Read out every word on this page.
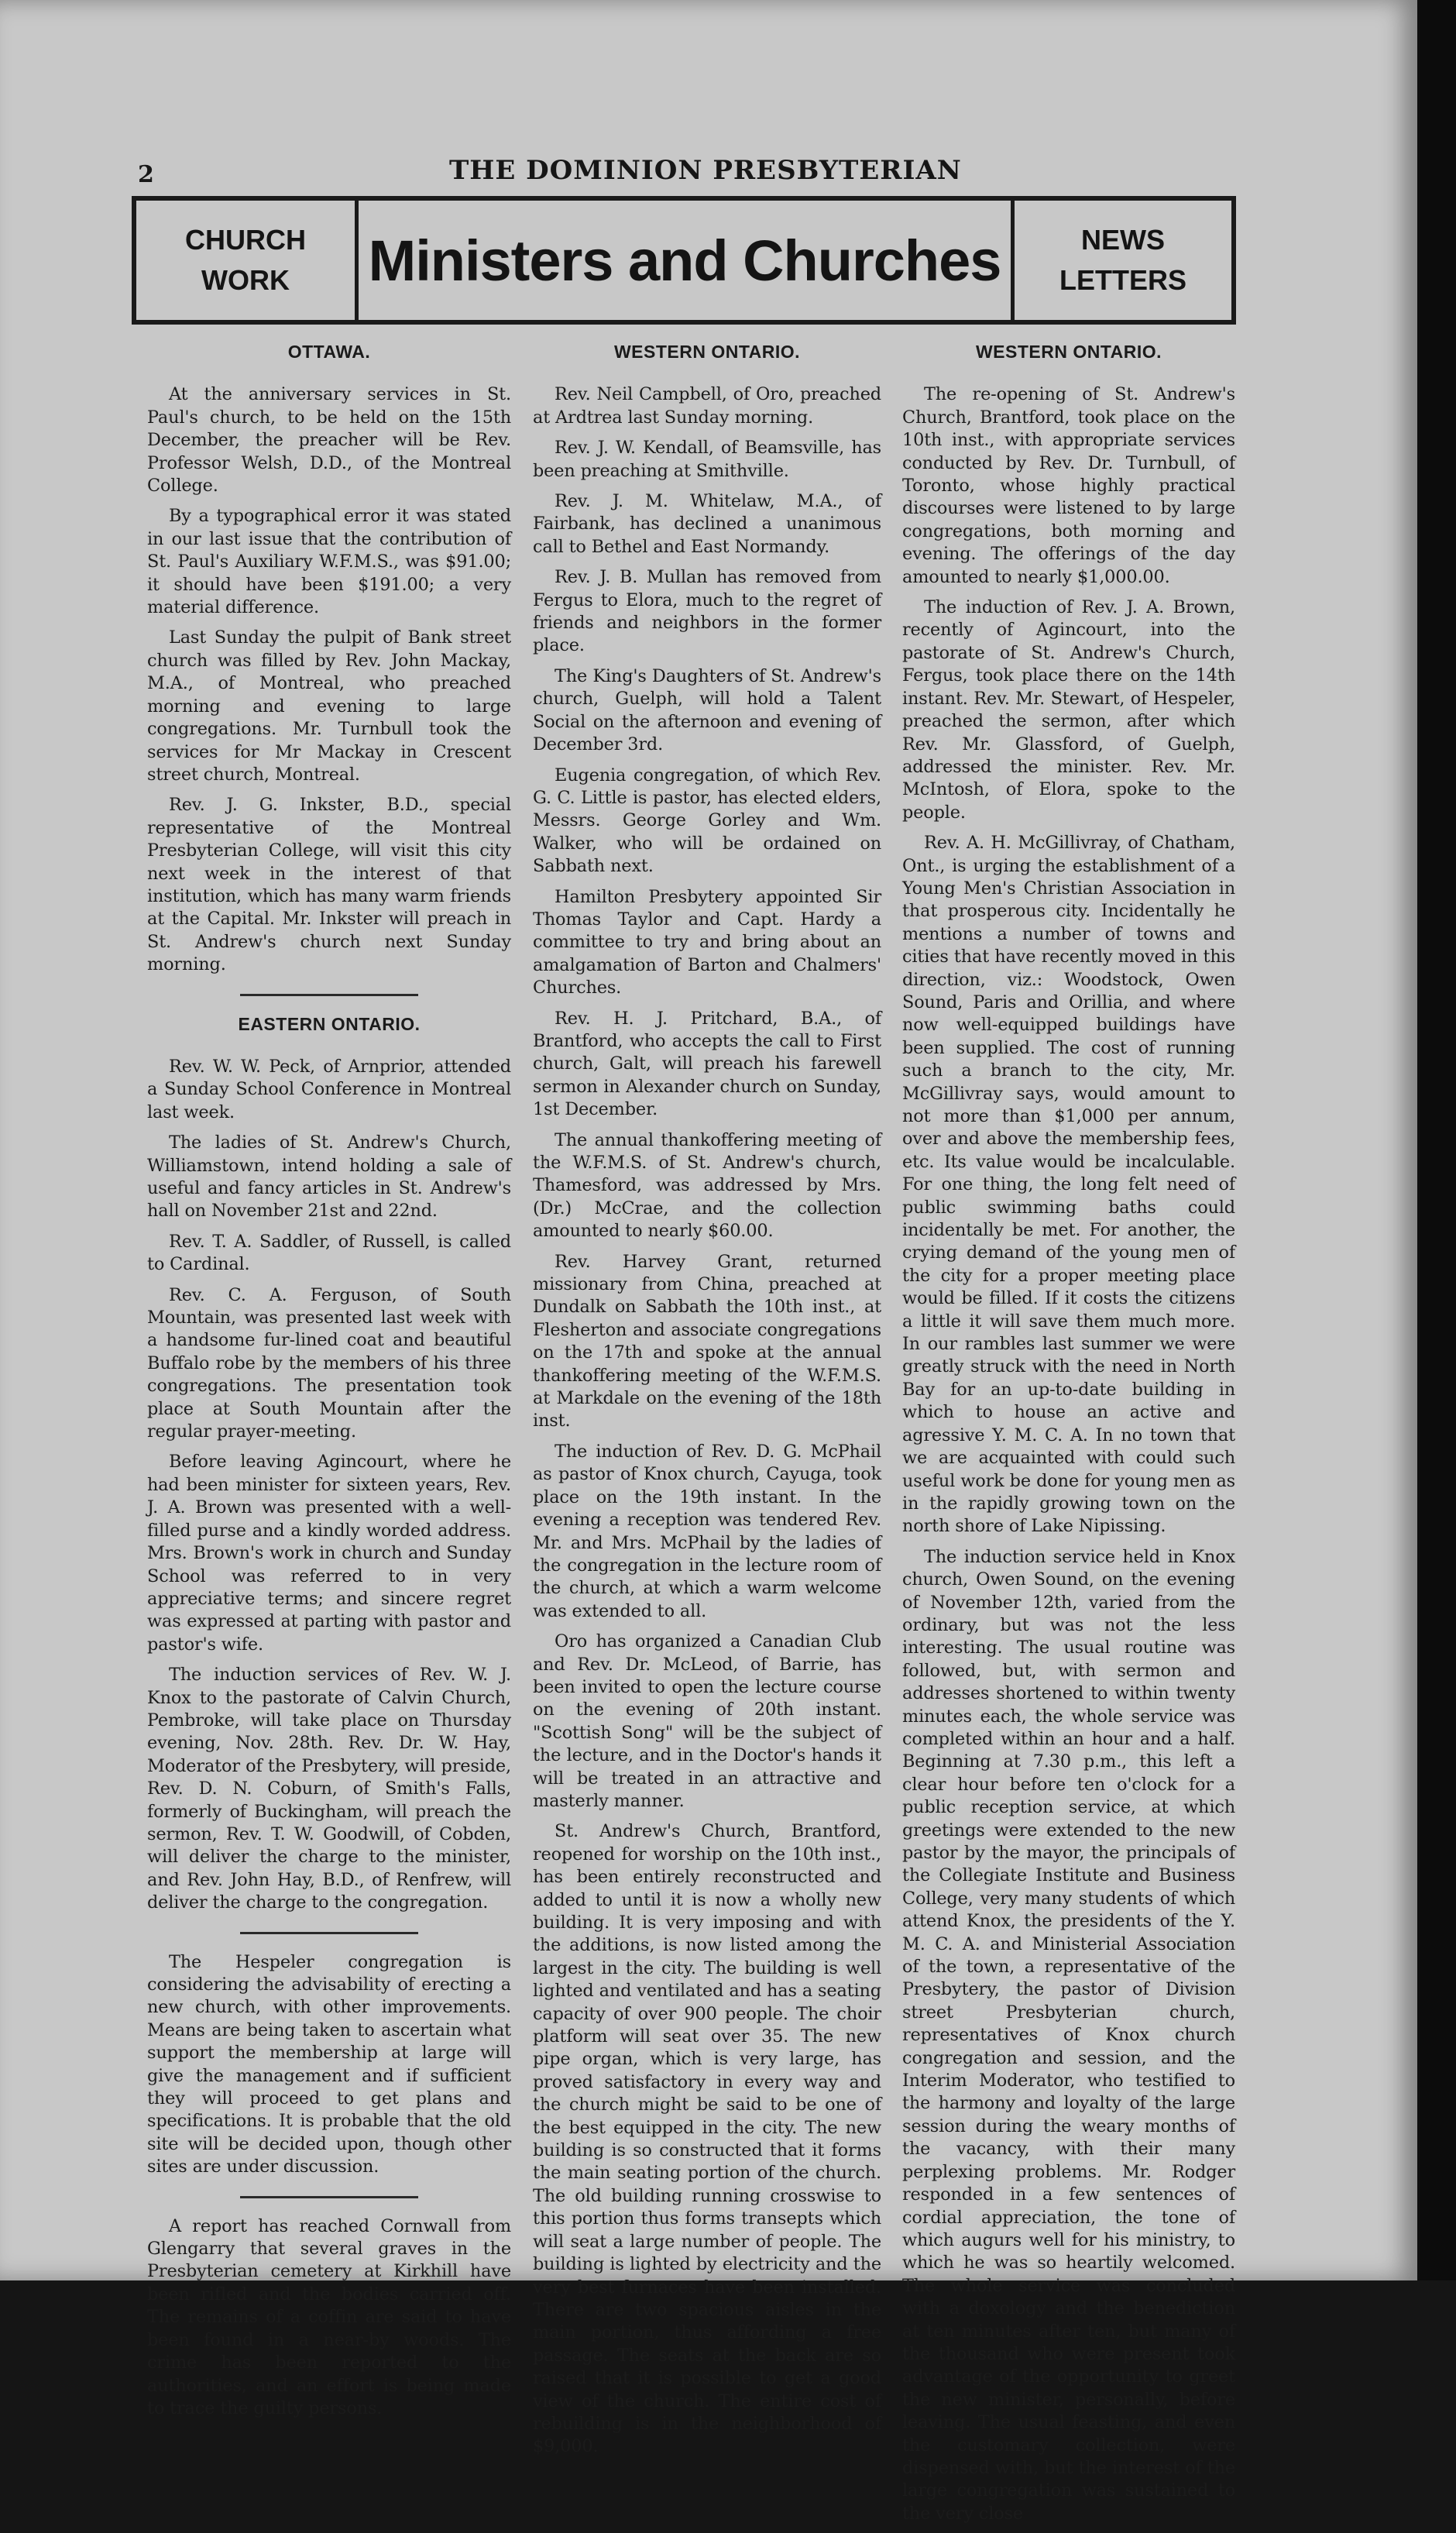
2	THE DOMINION PRESBYTERIAN
CHURCH
WORK Ministers and Churches	NEWS
LETTERS
OTTAWA.

At the anniversary services in St. Paul's church, to be held on the 15th December, the preacher will be Rev. Professor Welsh, D.D., of the Montreal College.

By a typographical error it was stated in our last issue that the contribution of St. Paul's Auxiliary W.F.M.S., was $91.00; it should have been $191.00; a very material difference.

Last Sunday the pulpit of Bank street church was filled by Rev. John Mackay, M.A., of Montreal, who preached morning and evening to large congregations. Mr. Turnbull took the services for Mr Mackay in Crescent street church, Montreal.

Rev. J. G. Inkster, B.D., special representative of the Montreal Presbyterian College, will visit this city next week in the interest of that institution, which has many warm friends at the Capital. Mr. Inkster will preach in St. Andrew's church next Sunday morning.

EASTERN ONTARIO.

Rev. W. W. Peck, of Arnprior, attended a Sunday School Conference in Montreal last week.

The ladies of St. Andrew's Church, Williamstown, intend holding a sale of useful and fancy articles in St. Andrew's hall on November 21st and 22nd.

Rev. T. A. Saddler, of Russell, is called to Cardinal.

Rev. C. A. Ferguson, of South Mountain, was presented last week with a handsome fur-lined coat and beautiful Buffalo robe by the members of his three congregations. The presentation took place at South Mountain after the regular prayer-meeting.

Before leaving Agincourt, where he had been minister for sixteen years, Rev. J. A. Brown was presented with a well-filled purse and a kindly worded address. Mrs. Brown's work in church and Sunday School was referred to in very appreciative terms; and sincere regret was expressed at parting with pastor and pastor's wife.

The induction services of Rev. W. J. Knox to the pastorate of Calvin Church, Pembroke, will take place on Thursday evening, Nov. 28th. Rev. Dr. W. Hay, Moderator of the Presbytery, will preside, Rev. D. N. Coburn, of Smith's Falls, formerly of Buckingham, will preach the sermon, Rev. T. W. Goodwill, of Cobden, will deliver the charge to the minister, and Rev. John Hay, B.D., of Renfrew, will deliver the charge to the congregation.

The Hespeler congregation is considering the advisability of erecting a new church, with other improvements. Means are being taken to ascertain what support the membership at large will give the management and if sufficient they will proceed to get plans and specifications. It is probable that the old site will be decided upon, though other sites are under discussion.

A report has reached Cornwall from Glengarry that several graves in the Presbyterian cemetery at Kirkhill have been rifled and the bodies carried off. The remains of a coffin are said to have been found in a near-by woods. The crime has been reported to the authorities, and an effort is being made to trace the guilty persons.

WESTERN ONTARIO.

Rev. Neil Campbell, of Oro, preached at Ardtrea last Sunday morning.

Rev. J. W. Kendall, of Beamsville, has been preaching at Smithville.

Rev. J. M. Whitelaw, M.A., of Fairbank, has declined a unanimous call to Bethel and East Normandy.

Rev. J. B. Mullan has removed from Fergus to Elora, much to the regret of friends and neighbors in the former place.

The King's Daughters of St. Andrew's church, Guelph, will hold a Talent Social on the afternoon and evening of December 3rd.

Eugenia congregation, of which Rev. G. C. Little is pastor, has elected elders, Messrs. George Gorley and Wm. Walker, who will be ordained on Sabbath next.

Hamilton Presbytery appointed Sir Thomas Taylor and Capt. Hardy a committee to try and bring about an amalgamation of Barton and Chalmers' Churches.

Rev. H. J. Pritchard, B.A., of Brantford, who accepts the call to First church, Galt, will preach his farewell sermon in Alexander church on Sunday, 1st December.

The annual thankoffering meeting of the W.F.M.S. of St. Andrew's church, Thamesford, was addressed by Mrs. (Dr.) McCrae, and the collection amounted to nearly $60.00.

Rev. Harvey Grant, returned missionary from China, preached at Dundalk on Sabbath the 10th inst., at Flesherton and associate congregations on the 17th and spoke at the annual thankoffering meeting of the W.F.M.S. at Markdale on the evening of the 18th inst.

The induction of Rev. D. G. McPhail as pastor of Knox church, Cayuga, took place on the 19th instant. In the evening a reception was tendered Rev. Mr. and Mrs. McPhail by the ladies of the congregation in the lecture room of the church, at which a warm welcome was extended to all.

Oro has organized a Canadian Club and Rev. Dr. McLeod, of Barrie, has been invited to open the lecture course on the evening of 20th instant. "Scottish Song" will be the subject of the lecture, and in the Doctor's hands it will be treated in an attractive and masterly manner.

St. Andrew's Church, Brantford, reopened for worship on the 10th inst., has been entirely reconstructed and added to until it is now a wholly new building. It is very imposing and with the additions, is now listed among the largest in the city. The building is well lighted and ventilated and has a seating capacity of over 900 people. The choir platform will seat over 35. The new pipe organ, which is very large, has proved satisfactory in every way and the church might be said to be one of the best equipped in the city. The new building is so constructed that it forms the main seating portion of the church. The old building running crosswise to this portion thus forms transepts which will seat a large number of people. The building is lighted by electricity and the very best furnaces have been installed. There are two spacious aisles in the main portion, thus affording a free passage. The seats at the back are so raised that it is possible to get a good view of the church. The entire cost of rebuilding is in the neighborhood of $9,000.

WESTERN ONTARIO.

The re-opening of St. Andrew's Church, Brantford, took place on the 10th inst., with appropriate services conducted by Rev. Dr. Turnbull, of Toronto, whose highly practical discourses were listened to by large congregations, both morning and evening. The offerings of the day amounted to nearly $1,000.00.

The induction of Rev. J. A. Brown, recently of Agincourt, into the pastorate of St. Andrew's Church, Fergus, took place there on the 14th instant. Rev. Mr. Stewart, of Hespeler, preached the sermon, after which Rev. Mr. Glassford, of Guelph, addressed the minister. Rev. Mr. McIntosh, of Elora, spoke to the people.

Rev. A. H. McGillivray, of Chatham, Ont., is urging the establishment of a Young Men's Christian Association in that prosperous city. Incidentally he mentions a number of towns and cities that have recently moved in this direction, viz.: Woodstock, Owen Sound, Paris and Orillia, and where now well-equipped buildings have been supplied. The cost of running such a branch to the city, Mr. McGillivray says, would amount to not more than $1,000 per annum, over and above the membership fees, etc. Its value would be incalculable. For one thing, the long felt need of public swimming baths could incidentally be met. For another, the crying demand of the young men of the city for a proper meeting place would be filled. If it costs the citizens a little it will save them much more. In our rambles last summer we were greatly struck with the need in North Bay for an up-to-date building in which to house an active and agressive Y. M. C. A. In no town that we are acquainted with could such useful work be done for young men as in the rapidly growing town on the north shore of Lake Nipissing.

The induction service held in Knox church, Owen Sound, on the evening of November 12th, varied from the ordinary, but was not the less interesting. The usual routine was followed, but, with sermon and addresses shortened to within twenty minutes each, the whole service was completed within an hour and a half. Beginning at 7.30 p.m., this left a clear hour before ten o'clock for a public reception service, at which greetings were extended to the new pastor by the mayor, the principals of the Collegiate Institute and Business College, very many students of which attend Knox, the presidents of the Y. M. C. A. and Ministerial Association of the town, a representative of the Presbytery, the pastor of Division street Presbyterian church, representatives of Knox church congregation and session, and the Interim Moderator, who testified to the harmony and loyalty of the large session during the weary months of the vacancy, with their many perplexing problems. Mr. Rodger responded in a few sentences of cordial appreciation, the tone of which augurs well for his ministry, to which he was so heartily welcomed. The whole service was concluded with a doxology and the benediction at ten minutes after ten, but many of the thousand who were present took advantage of the opportunity to greet the new minister, personally, before leaving. The usual feasting, and even the customary collection, were dispensed with, but the interest of the large congregation was sustained to the very close
